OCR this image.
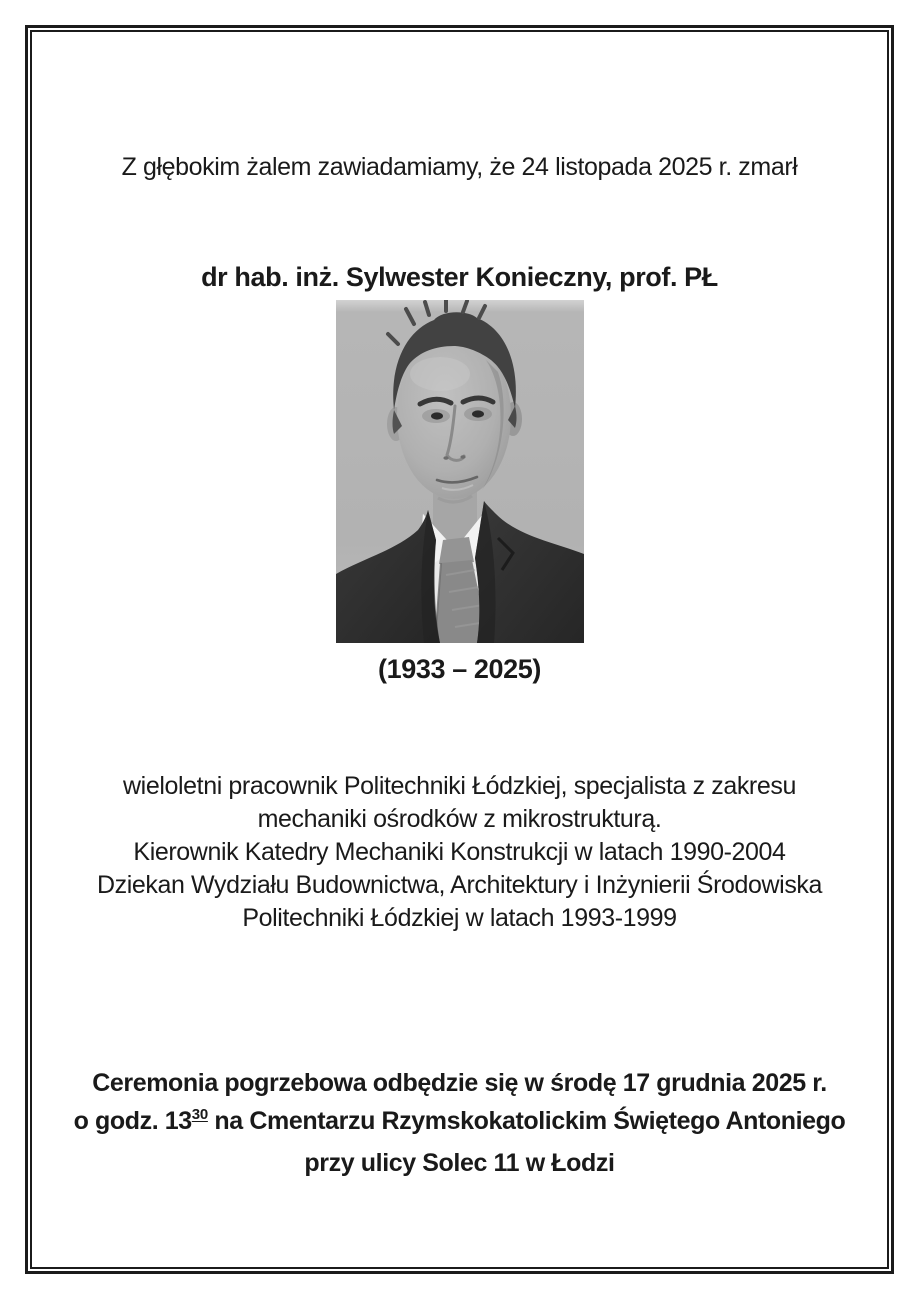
Z głębokim żalem zawiadamiamy, że 24 listopada 2025 r. zmarł
dr hab. inż. Sylwester Konieczny, prof. PŁ
(1933 – 2025)
wieloletni pracownik Politechniki Łódzkiej, specjalista z zakresu
mechaniki ośrodków z mikrostrukturą.
Kierownik Katedry Mechaniki Konstrukcji w latach 1990-2004
Dziekan Wydziału Budownictwa, Architektury i Inżynierii Środowiska
Politechniki Łódzkiej w latach 1993-1999
Ceremonia pogrzebowa odbędzie się w środę 17 grudnia 2025 r.
o godz. 1330 na Cmentarzu Rzymskokatolickim Świętego Antoniego
przy ulicy Solec 11 w Łodzi
